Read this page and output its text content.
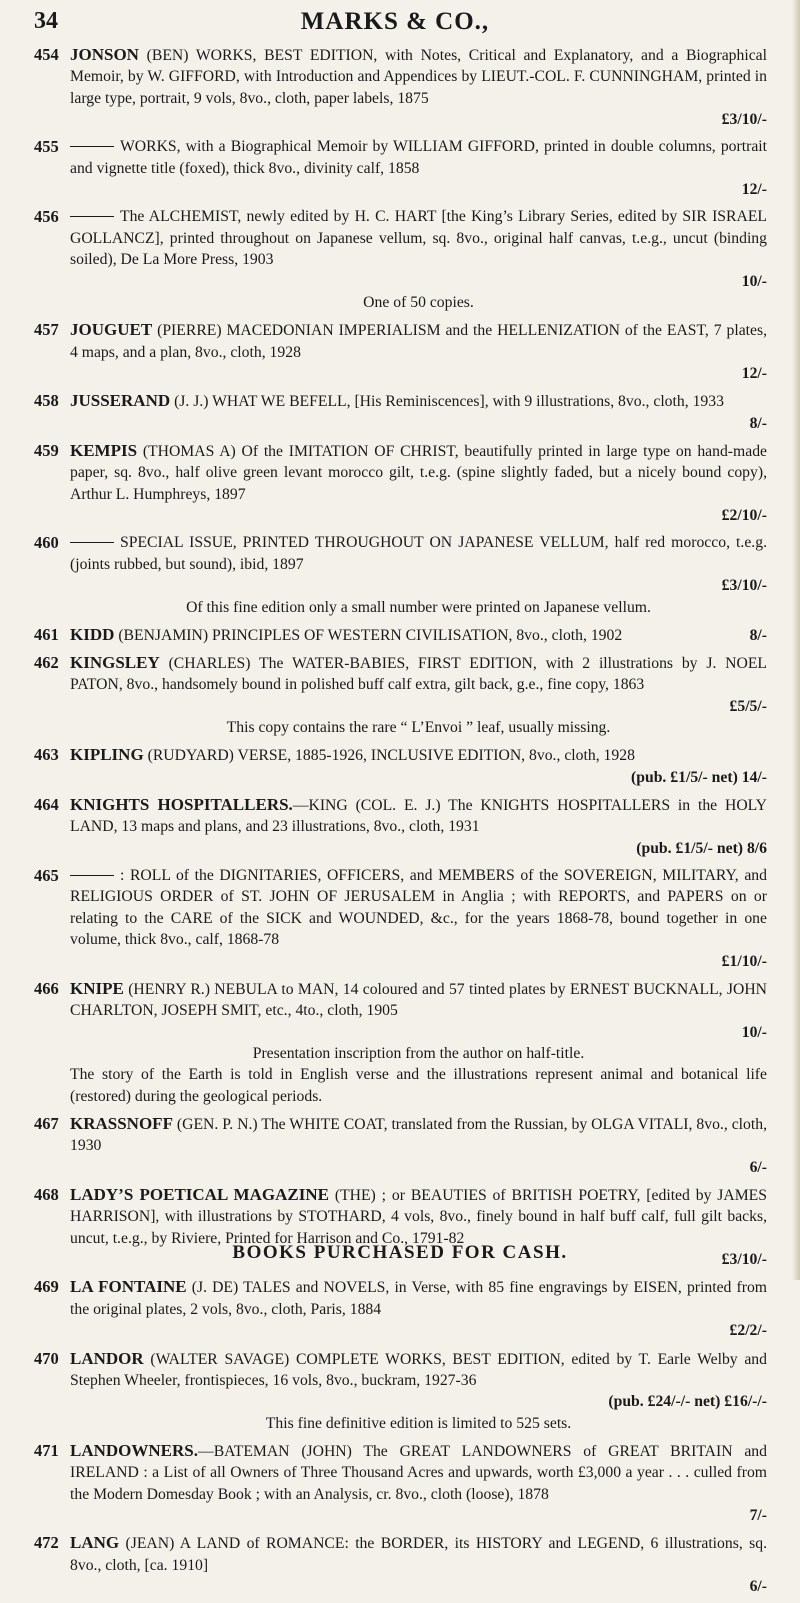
34	MARKS & CO.,
454 JONSON (BEN) WORKS, BEST EDITION, with Notes, Critical and Explanatory, and a Biographical Memoir, by W. GIFFORD, with Introduction and Appendices by LIEUT.-COL. F. CUNNINGHAM, printed in large type, portrait, 9 vols, 8vo., cloth, paper labels, 1875
£3/10/-
455	WORKS, with a Biographical Memoir by WILLIAM GIFFORD, printed in double columns, portrait and vignette title (foxed), thick 8vo., divinity calf, 1858
12/-
456	The ALCHEMIST, newly edited by H. C. HART [the King’s Library Series, edited by SIR ISRAEL GOLLANCZ], printed throughout on Japanese vellum, sq. 8vo., original half canvas, t.e.g., uncut (binding soiled), De La More Press, 1903
10/-
One of 50 copies.
457 JOUGUET (PIERRE) MACEDONIAN IMPERIALISM and the HELLENIZATION of the EAST, 7 plates, 4 maps, and a plan, 8vo., cloth, 1928
12/-
458 JUSSERAND (J. J.) WHAT WE BEFELL, [His Reminiscences], with 9 illustrations, 8vo., cloth, 1933
8/-
459 KEMPIS (THOMAS A) Of the IMITATION OF CHRIST, beautifully printed in large type on hand-made paper, sq. 8vo., half olive green levant morocco gilt, t.e.g. (spine slightly faded, but a nicely bound copy), Arthur L. Humphreys, 1897
£2/10/-
460	SPECIAL ISSUE, PRINTED THROUGHOUT ON JAPANESE VELLUM, half red morocco, t.e.g. (joints rubbed, but sound), ibid, 1897
£3/10/-
Of this fine edition only a small number were printed on Japanese vellum.
461 KIDD (BENJAMIN) PRINCIPLES OF WESTERN CIVILISATION, 8vo., cloth, 1902	8/-
462 KINGSLEY (CHARLES) The WATER-BABIES, FIRST EDITION, with 2 illustrations by J. NOEL PATON, 8vo., handsomely bound in polished buff calf extra, gilt back, g.e., fine copy, 1863
£5/5/-
This copy contains the rare “ L’Envoi ” leaf, usually missing.
463 KIPLING (RUDYARD) VERSE, 1885-1926, INCLUSIVE EDITION, 8vo., cloth, 1928
(pub. £1/5/- net) 14/-
464 KNIGHTS HOSPITALLERS.—KING (COL. E. J.) The KNIGHTS HOSPITALLERS in the HOLY LAND, 13 maps and plans, and 23 illustrations, 8vo., cloth, 1931
(pub. £1/5/- net) 8/6
465	: ROLL of the DIGNITARIES, OFFICERS, and MEMBERS of the SOVEREIGN, MILITARY, and RELIGIOUS ORDER of ST. JOHN OF JERUSALEM in Anglia ; with REPORTS, and PAPERS on or relating to the CARE of the SICK and WOUNDED, &c., for the years 1868-78, bound together in one volume, thick 8vo., calf, 1868-78
£1/10/-
466 KNIPE (HENRY R.) NEBULA to MAN, 14 coloured and 57 tinted plates by ERNEST BUCKNALL, JOHN CHARLTON, JOSEPH SMIT, etc., 4to., cloth, 1905
10/-
Presentation inscription from the author on half-title.
The story of the Earth is told in English verse and the illustrations represent animal and botanical life (restored) during the geological periods.
467 KRASSNOFF (GEN. P. N.) The WHITE COAT, translated from the Russian, by OLGA VITALI, 8vo., cloth, 1930
6/-
468 LADY’S POETICAL MAGAZINE (THE) ; or BEAUTIES of BRITISH POETRY, [edited by JAMES HARRISON], with illustrations by STOTHARD, 4 vols, 8vo., finely bound in half buff calf, full gilt backs, uncut, t.e.g., by Riviere, Printed for Harrison and Co., 1791-82
£3/10/-
469 LA FONTAINE (J. DE) TALES and NOVELS, in Verse, with 85 fine engravings by EISEN, printed from the original plates, 2 vols, 8vo., cloth, Paris, 1884
£2/2/-
470 LANDOR (WALTER SAVAGE) COMPLETE WORKS, BEST EDITION, edited by T. Earle Welby and Stephen Wheeler, frontispieces, 16 vols, 8vo., buckram, 1927-36
(pub. £24/-/- net) £16/-/-
This fine definitive edition is limited to 525 sets.
471 LANDOWNERS.—BATEMAN (JOHN) The GREAT LANDOWNERS of GREAT BRITAIN and IRELAND : a List of all Owners of Three Thousand Acres and upwards, worth £3,000 a year . . . culled from the Modern Domesday Book ; with an Analysis, cr. 8vo., cloth (loose), 1878
7/-
472 LANG (JEAN) A LAND of ROMANCE: the BORDER, its HISTORY and LEGEND, 6 illustrations, sq. 8vo., cloth, [ca. 1910]
6/-
BOOKS PURCHASED FOR CASH.
